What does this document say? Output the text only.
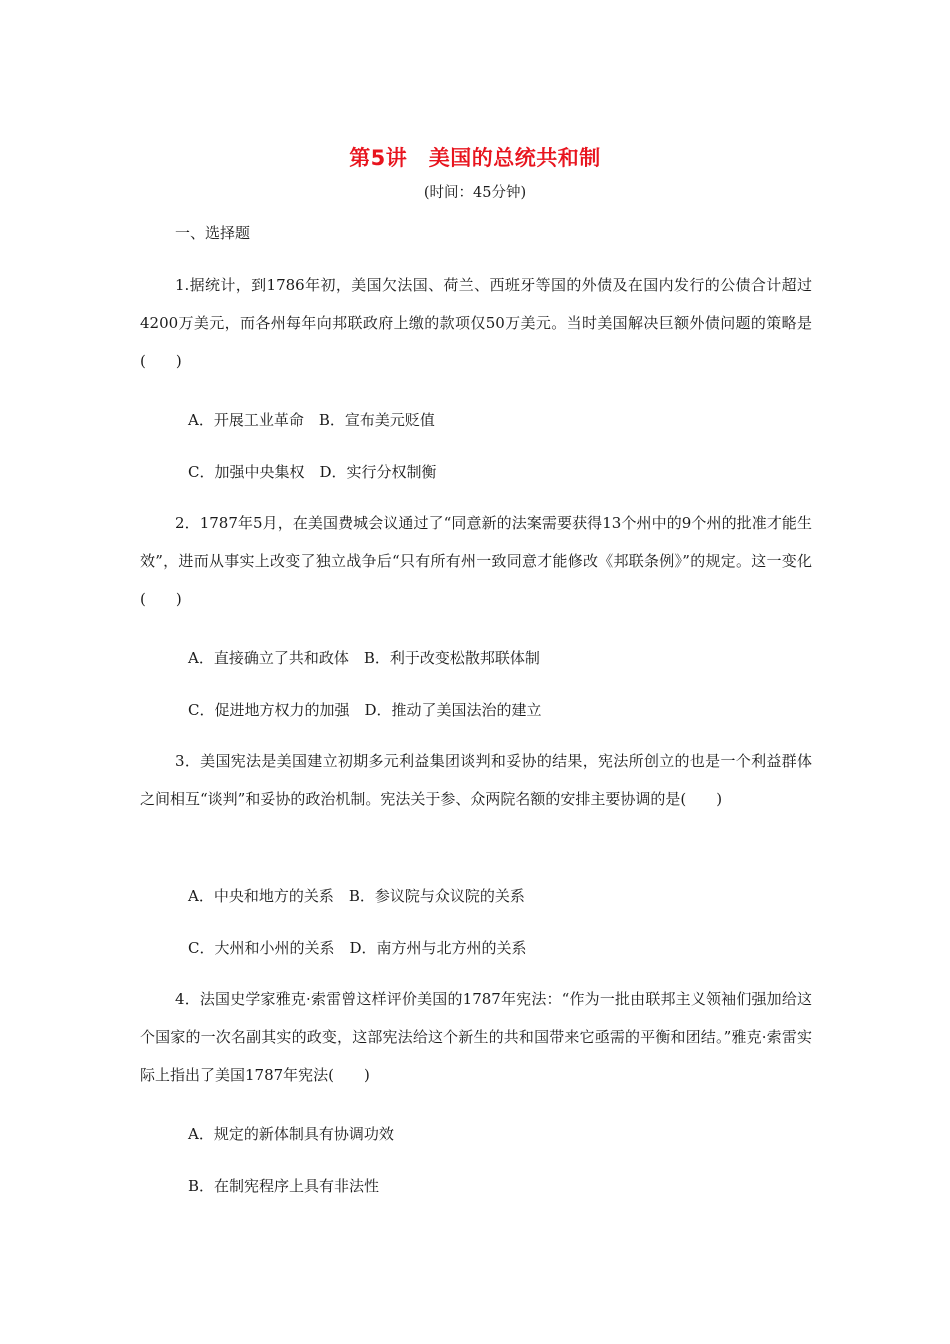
第5讲　美国的总统共和制
(时间：45分钟)
一、选择题

1.据统计，到1786年初，美国欠法国、荷兰、西班牙等国的外债及在国内发行的公债合计超过4200万美元，而各州每年向邦联政府上缴的款项仅50万美元。当时美国解决巨额外债问题的策略是(　　)

A．开展工业革命　B．宣布美元贬值
C．加强中央集权　D．实行分权制衡

2．1787年5月，在美国费城会议通过了“同意新的法案需要获得13个州中的9个州的批准才能生效”，进而从事实上改变了独立战争后“只有所有州一致同意才能修改《邦联条例》”的规定。这一变化(　　)

A．直接确立了共和政体　B．利于改变松散邦联体制
C．促进地方权力的加强　D．推动了美国法治的建立

3．美国宪法是美国建立初期多元利益集团谈判和妥协的结果，宪法所创立的也是一个利益群体之间相互“谈判”和妥协的政治机制。宪法关于参、众两院名额的安排主要协调的是(　　)

A．中央和地方的关系　B．参议院与众议院的关系
C．大州和小州的关系　D．南方州与北方州的关系

4．法国史学家雅克·索雷曾这样评价美国的1787年宪法：“作为一批由联邦主义领袖们强加给这个国家的一次名副其实的政变，这部宪法给这个新生的共和国带来它亟需的平衡和团结。”雅克·索雷实际上指出了美国1787年宪法(　　)

A．规定的新体制具有协调功效
B．在制宪程序上具有非法性
